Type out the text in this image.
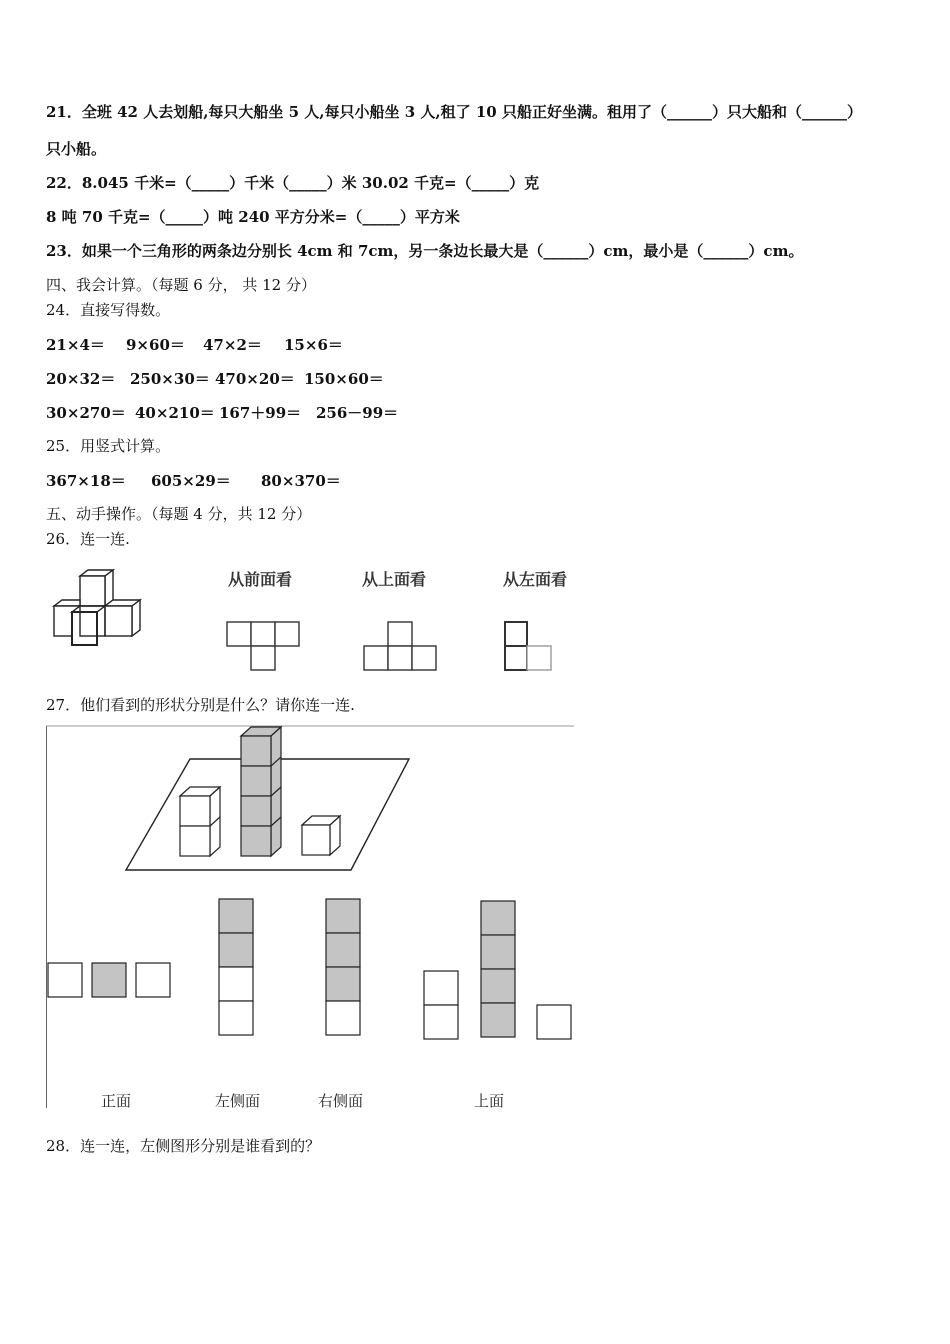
21．全班 42 人去划船,每只大船坐 5 人,每只小船坐 3 人,租了 10 只船正好坐满。租用了（______）只大船和（______）
只小船。
22．8.045 千米=（_____）千米（_____）米 30.02 千克=（_____）克
8 吨 70 千克=（_____）吨 240 平方分米=（_____）平方米
23．如果一个三角形的两条边分别长 4cm 和 7cm，另一条边长最大是（______）cm，最小是（______）cm。
四、我会计算。（每题 6 分， 共 12 分）
24．直接写得数。
21×4＝ 9×60＝ 47×2＝ 15×6＝
20×32＝ 250×30＝ 470×20＝ 150×60＝
30×270＝ 40×210＝ 167＋99＝ 256－99＝
25．用竖式计算。
367×18＝ 605×29＝ 80×370＝
五、动手操作。（每题 4 分，共 12 分）
26．连一连.
从前面看	从上面看	从左面看
27．他们看到的形状分别是什么？请你连一连.
正面	左侧面	右侧面	上面
28．连一连，左侧图形分别是谁看到的？
